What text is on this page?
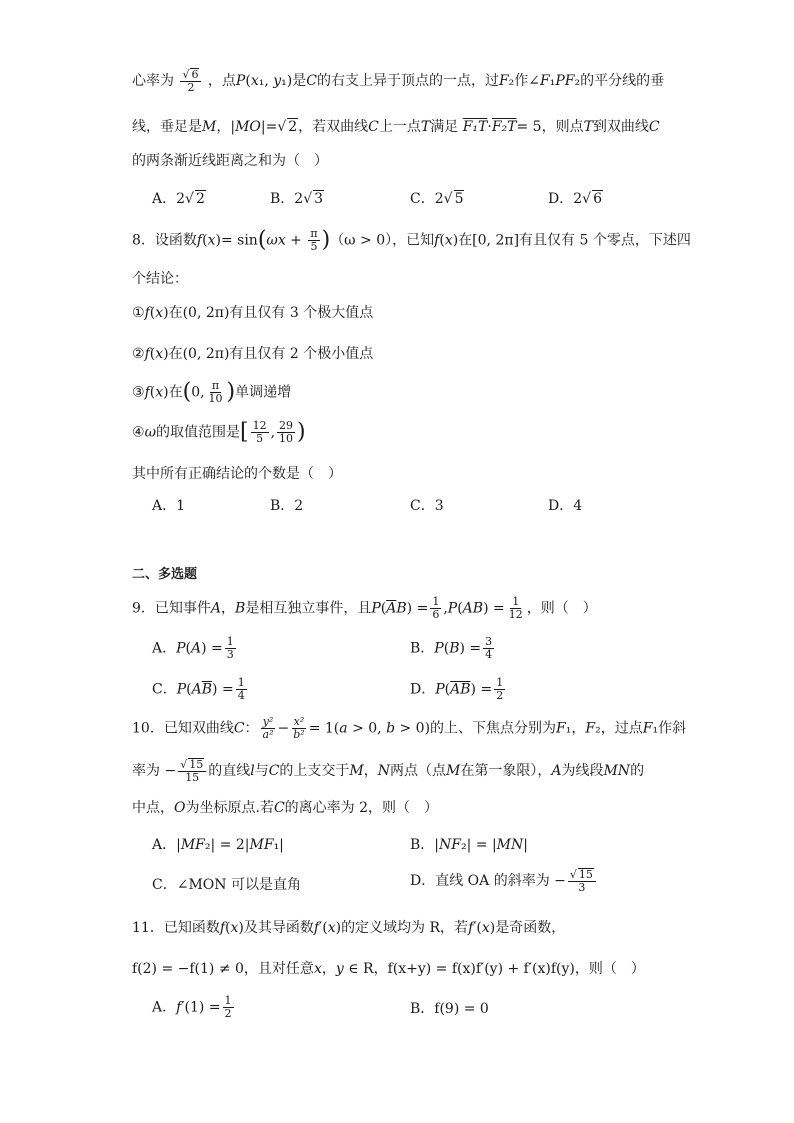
心率为 $\frac{√ 6}{2}$ ，点P(x₁, y₁)是C的右支上异于顶点的一点，过F₂作∠F₁PF₂的平分线的垂
线，垂足是M，|MO|=√ 2，若双曲线C上一点T满足 F₁T·F₂T= 5，则点T到双曲线C
的两条渐近线距离之和为（　）
A．2√ 2	B．2√ 3	C．2√ 5	D．2√ 6
8．设函数$f(x)= \sin(\omega x + \frac{\pi}{5} )(\omega > 0)$，已知f(x)在[0, 2π]有且仅有 5 个零点，下述四
个结论：
①f(x)在(0, 2π)有且仅有 3 个极大值点
②f(x)在(0, 2π)有且仅有 2 个极小值点
③f(x)在(0, $\frac{\pi}{10}$ )单调递增
④ω的取值范围是[ $\frac{12}{5}$ , $\frac{29}{10}$ )
其中所有正确结论的个数是（　）
A．1	B．2	C．3	D．4
二、多选题
9．已知事件A，B是相互独立事件，且$P(\overline{A}B) = \frac{1}{6} ,P(AB) = \frac{1}{12}$ ，则（　）
A．$P(A) = \frac{1}{3}$	B．$P(B) = \frac{3}{4}$
C．$P(A\overline{B}) = \frac{1}{4}$	D．$P(\overline{AB}) = \frac{1}{2}$
10．已知双曲线C： $\frac{\text{y²}}{\text{a²}} - \frac{\text{x²}}{\text{b²}} = 1(a > 0$, b > 0)的上、下焦点分别为F₁，F₂，过点F₁作斜
率为 − $\frac{√ 15}{15}$ 的直线l与C的上支交于M，N两点（点M在第一象限），A为线段MN的
中点，O为坐标原点.若C的离心率为 2，则（　）
A．|MF₂| = 2|MF₁|	B．|NF₂| = |MN|
C．∠MON 可以是直角	D．直线 OA 的斜率为 − $\frac{√ 15}{3}$
11．已知函数f(x)及其导函数f′(x)的定义域均为 R，若f′(x)是奇函数，
f(2) = −f(1) ≠ 0，且对任意x，y ∈ R，f(x+y) = f(x)f′(y) + f′(x)f(y)，则（　）
A．$f'(1) = \frac{1}{2}$	B．f(9) = 0
